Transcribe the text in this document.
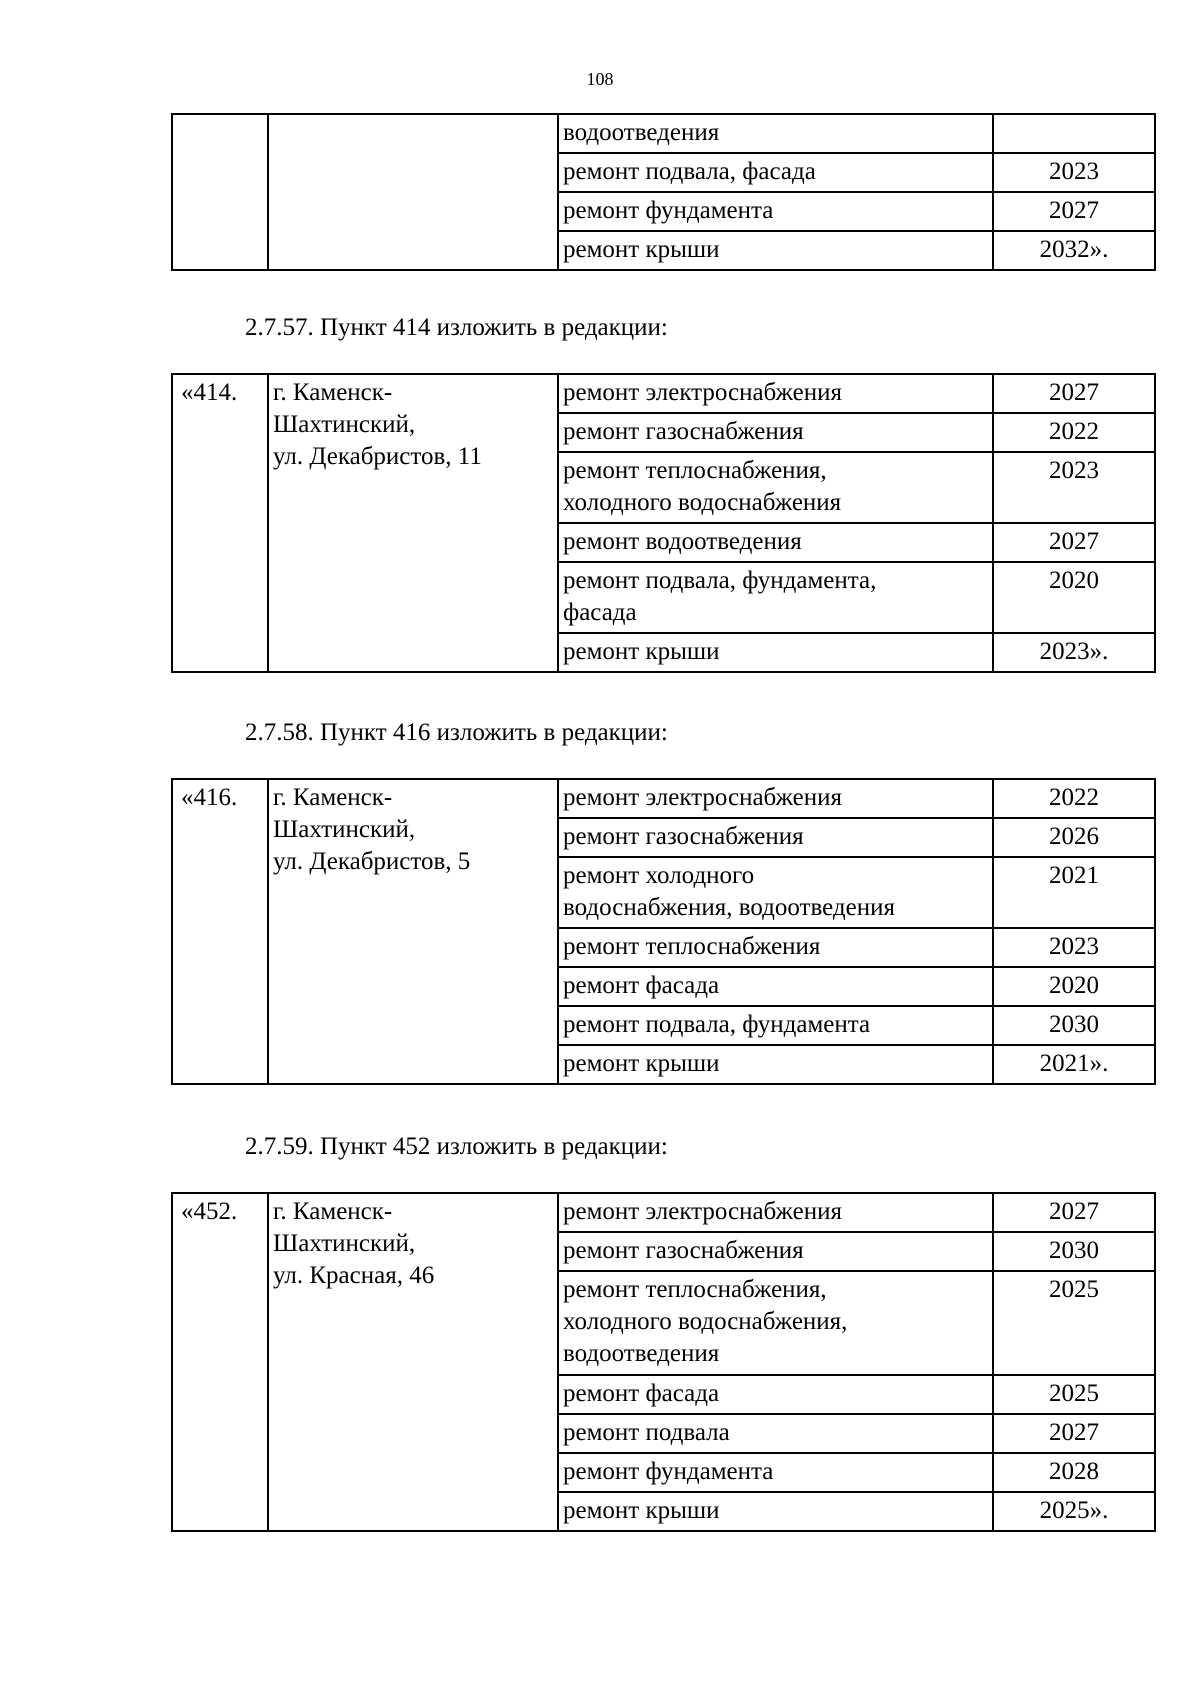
108
		водоотведения	
		ремонт подвала, фасада	2023
		ремонт фундамента	2027
		ремонт крыши	2032».
2.7.57. Пункт 414 изложить в редакции:
«414.	г. Каменск-
Шахтинский,
ул. Декабристов, 11	ремонт электроснабжения	2027
		ремонт газоснабжения	2022
		ремонт теплоснабжения,
холодного водоснабжения	2023
		ремонт водоотведения	2027
		ремонт подвала, фундамента,
фасада	2020
		ремонт крыши	2023».
2.7.58. Пункт 416 изложить в редакции:
«416.	г. Каменск-
Шахтинский,
ул. Декабристов, 5	ремонт электроснабжения	2022
		ремонт газоснабжения	2026
		ремонт холодного
водоснабжения, водоотведения	2021
		ремонт теплоснабжения	2023
		ремонт фасада	2020
		ремонт подвала, фундамента	2030
		ремонт крыши	2021».
2.7.59. Пункт 452 изложить в редакции:
«452.	г. Каменск-
Шахтинский,
ул. Красная, 46	ремонт электроснабжения	2027
		ремонт газоснабжения	2030
		ремонт теплоснабжения,
холодного водоснабжения,
водоотведения	2025
		ремонт фасада	2025
		ремонт подвала	2027
		ремонт фундамента	2028
		ремонт крыши	2025».
